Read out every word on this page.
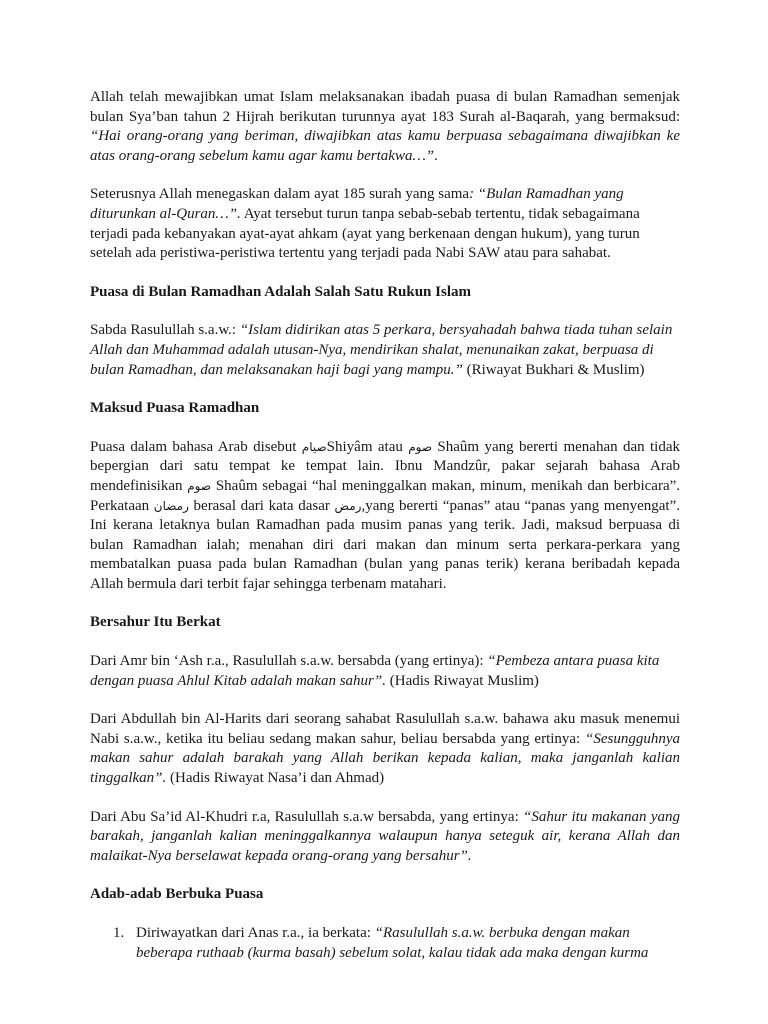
Allah telah mewajibkan umat Islam melaksanakan ibadah puasa di bulan Ramadhan semenjak bulan Sya’ban tahun 2 Hijrah berikutan turunnya ayat 183 Surah al-Baqarah, yang bermaksud: “Hai orang-orang yang beriman, diwajibkan atas kamu berpuasa sebagaimana diwajibkan ke atas orang-orang sebelum kamu agar kamu bertakwa…”.

Seterusnya Allah menegaskan dalam ayat 185 surah yang sama: “Bulan Ramadhan yang diturunkan al-Quran…”. Ayat tersebut turun tanpa sebab-sebab tertentu, tidak sebagaimana terjadi pada kebanyakan ayat-ayat ahkam (ayat yang berkenaan dengan hukum), yang turun setelah ada peristiwa-peristiwa tertentu yang terjadi pada Nabi SAW atau para sahabat.

Puasa di Bulan Ramadhan Adalah Salah Satu Rukun Islam

Sabda Rasulullah s.a.w.: “Islam didirikan atas 5 perkara, bersyahadah bahwa tiada tuhan selain Allah dan Muhammad adalah utusan-Nya, mendirikan shalat, menunaikan zakat, berpuasa di bulan Ramadhan, dan melaksanakan haji bagi yang mampu.” (Riwayat Bukhari & Muslim)

Maksud Puasa Ramadhan

Puasa dalam bahasa Arab disebut صيامShiyâm atau صوم Shaûm yang bererti menahan dan tidak bepergian dari satu tempat ke tempat lain. Ibnu Mandzûr, pakar sejarah bahasa Arab mendefinisikan صوم Shaûm sebagai “hal meninggalkan makan, minum, menikah dan berbicara”. Perkataan رمضان berasal dari kata dasar رمض,yang bererti “panas” atau “panas yang menyengat”. Ini kerana letaknya bulan Ramadhan pada musim panas yang terik. Jadi, maksud berpuasa di bulan Ramadhan ialah; menahan diri dari makan dan minum serta perkara-perkara yang membatalkan puasa pada bulan Ramadhan (bulan yang panas terik) kerana beribadah kepada Allah bermula dari terbit fajar sehingga terbenam matahari.

Bersahur Itu Berkat

Dari Amr bin ‘Ash r.a., Rasulullah s.a.w. bersabda (yang ertinya): “Pembeza antara puasa kita dengan puasa Ahlul Kitab adalah makan sahur”. (Hadis Riwayat Muslim)

Dari Abdullah bin Al-Harits dari seorang sahabat Rasulullah s.a.w. bahawa aku masuk menemui Nabi s.a.w., ketika itu beliau sedang makan sahur, beliau bersabda yang ertinya: “Sesungguhnya makan sahur adalah barakah yang Allah berikan kepada kalian, maka janganlah kalian tinggalkan”. (Hadis Riwayat Nasa’i dan Ahmad)

Dari Abu Sa’id Al-Khudri r.a, Rasulullah s.a.w bersabda, yang ertinya: “Sahur itu makanan yang barakah, janganlah kalian meninggalkannya walaupun hanya seteguk air, kerana Allah dan malaikat-Nya berselawat kepada orang-orang yang bersahur”.

Adab-adab Berbuka Puasa
1. Diriwayatkan dari Anas r.a., ia berkata: “Rasulullah s.a.w. berbuka dengan makan beberapa ruthaab (kurma basah) sebelum solat, kalau tidak ada maka dengan kurma
